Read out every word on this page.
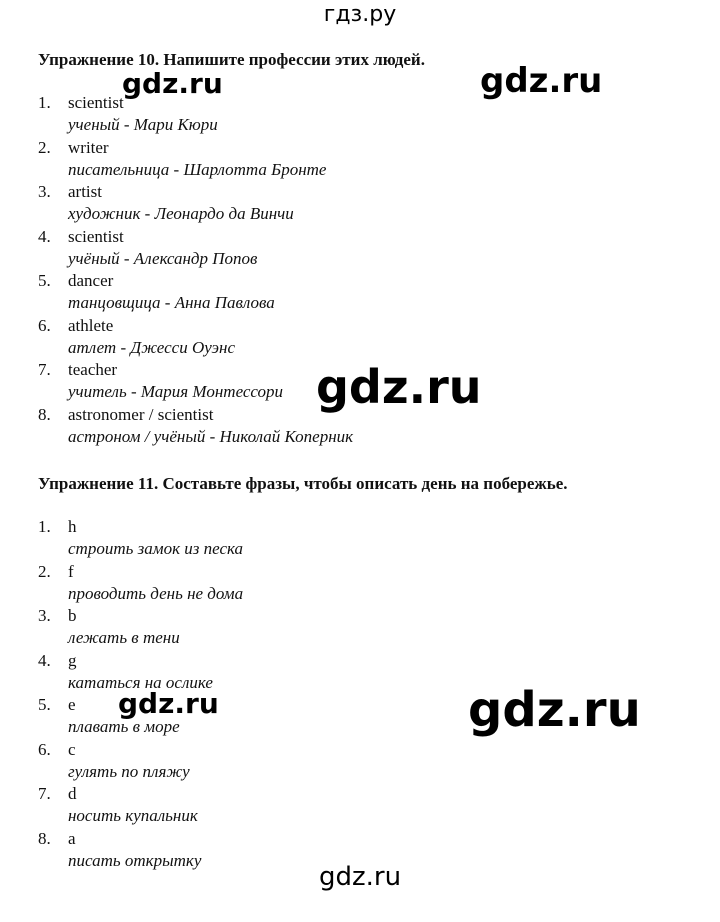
гдз.ру
Упражнение 10. Напишите профессии этих людей.
1. scientist
ученый - Мари Кюри
2. writer
писательница - Шарлотта Бронте
3. artist
художник - Леонардо да Винчи
4. scientist
учёный - Александр Попов
5. dancer
танцовщица - Анна Павлова
6. athlete
атлет - Джесси Оуэнс
7. teacher
учитель - Мария Монтессори
8. astronomer / scientist
астроном / учёный - Николай Коперник
Упражнение 11. Составьте фразы, чтобы описать день на побережье.
1. h
строить замок из песка
2. f
проводить день не дома
3. b
лежать в тени
4. g
кататься на ослике
5. e
плавать в море
6. c
гулять по пляжу
7. d
носить купальник
8. a
писать открытку
gdz.ru	gdz.ru
gdz.ru
gdz.ru	gdz.ru
gdz.ru
